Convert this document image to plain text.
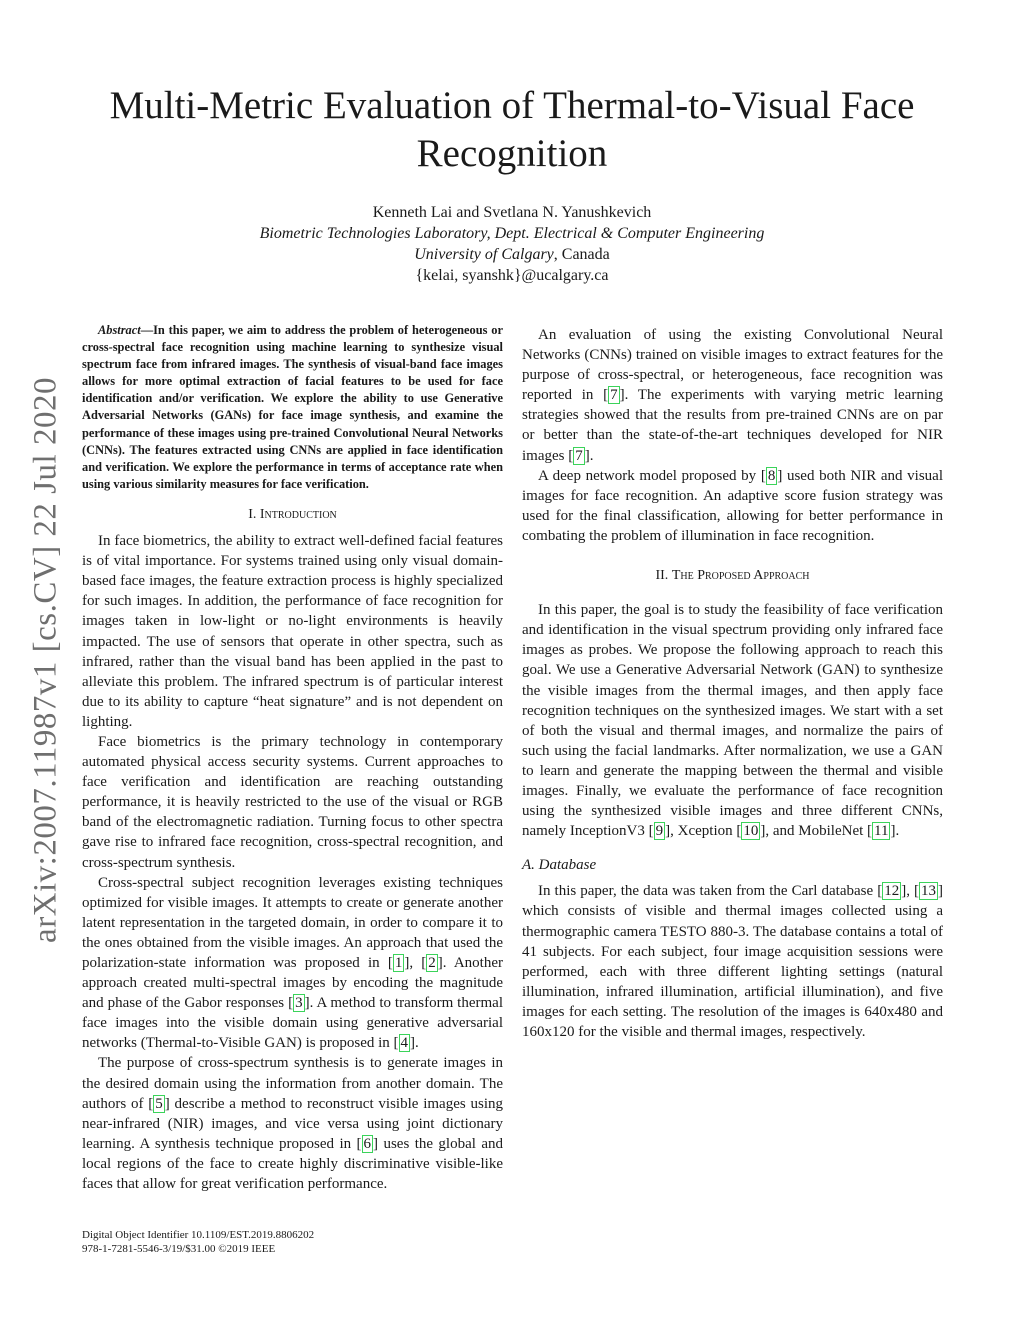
arXiv:2007.11987v1 [cs.CV] 22 Jul 2020
Multi-Metric Evaluation of Thermal-to-Visual Face Recognition
Kenneth Lai and Svetlana N. Yanushkevich
Biometric Technologies Laboratory, Dept. Electrical & Computer Engineering
University of Calgary, Canada
{kelai, syanshk}@ucalgary.ca

Abstract—In this paper, we aim to address the problem of heterogeneous or cross-spectral face recognition using machine learning to synthesize visual spectrum face from infrared images. The synthesis of visual-band face images allows for more optimal extraction of facial features to be used for face identification and/or verification. We explore the ability to use Generative Adversarial Networks (GANs) for face image synthesis, and examine the performance of these images using pre-trained Convolutional Neural Networks (CNNs). The features extracted using CNNs are applied in face identification and verification. We explore the performance in terms of acceptance rate when using various similarity measures for face verification.

I. Introduction

In face biometrics, the ability to extract well-defined facial features is of vital importance. For systems trained using only visual domain-based face images, the feature extraction process is highly specialized for such images. In addition, the performance of face recognition for images taken in low-light or no-light environments is heavily impacted. The use of sensors that operate in other spectra, such as infrared, rather than the visual band has been applied in the past to alleviate this problem. The infrared spectrum is of particular interest due to its ability to capture “heat signature” and is not dependent on lighting.

Face biometrics is the primary technology in contemporary automated physical access security systems. Current approaches to face verification and identification are reaching outstanding performance, it is heavily restricted to the use of the visual or RGB band of the electromagnetic radiation. Turning focus to other spectra gave rise to infrared face recognition, cross-spectral recognition, and cross-spectrum synthesis.

Cross-spectral subject recognition leverages existing techniques optimized for visible images. It attempts to create or generate another latent representation in the targeted domain, in order to compare it to the ones obtained from the visible images. An approach that used the polarization-state information was proposed in [ 1 ], [ 2 ]. Another approach created multi-spectral images by encoding the magnitude and phase of the Gabor responses [ 3 ]. A method to transform thermal face images into the visible domain using generative adversarial networks (Thermal-to-Visible GAN) is proposed in [ 4 ].

The purpose of cross-spectrum synthesis is to generate images in the desired domain using the information from another domain. The authors of [ 5 ] describe a method to reconstruct visible images using near-infrared (NIR) images, and vice versa using joint dictionary learning. A synthesis technique proposed in [ 6 ] uses the global and local regions of the face to create highly discriminative visible-like faces that allow for great verification performance.

An evaluation of using the existing Convolutional Neural Networks (CNNs) trained on visible images to extract features for the purpose of cross-spectral, or heterogeneous, face recognition was reported in [ 7 ]. The experiments with varying metric learning strategies showed that the results from pre-trained CNNs are on par or better than the state-of-the-art techniques developed for NIR images [ 7 ].

A deep network model proposed by [ 8 ] used both NIR and visual images for face recognition. An adaptive score fusion strategy was used for the final classification, allowing for better performance in combating the problem of illumination in face recognition.

II. The Proposed Approach

In this paper, the goal is to study the feasibility of face verification and identification in the visual spectrum providing only infrared face images as probes. We propose the following approach to reach this goal. We use a Generative Adversarial Network (GAN) to synthesize the visible images from the thermal images, and then apply face recognition techniques on the synthesized images. We start with a set of both the visual and thermal images, and normalize the pairs of such using the facial landmarks. After normalization, we use a GAN to learn and generate the mapping between the thermal and visible images. Finally, we evaluate the performance of face recognition using the synthesized visible images and three different CNNs, namely InceptionV3 [ 9 ], Xception [ 10 ], and MobileNet [ 11 ].

A. Database

In this paper, the data was taken from the Carl database [ 12 ], [ 13 ] which consists of visible and thermal images collected using a thermographic camera TESTO 880-3. The database contains a total of 41 subjects. For each subject, four image acquisition sessions were performed, each with three different lighting settings (natural illumination, infrared illumination, artificial illumination), and five images for each setting. The resolution of the images is 640x480 and 160x120 for the visible and thermal images, respectively.

Digital Object Identifier 10.1109/EST.2019.8806202
978-1-7281-5546-3/19/$31.00 ©2019 IEEE
